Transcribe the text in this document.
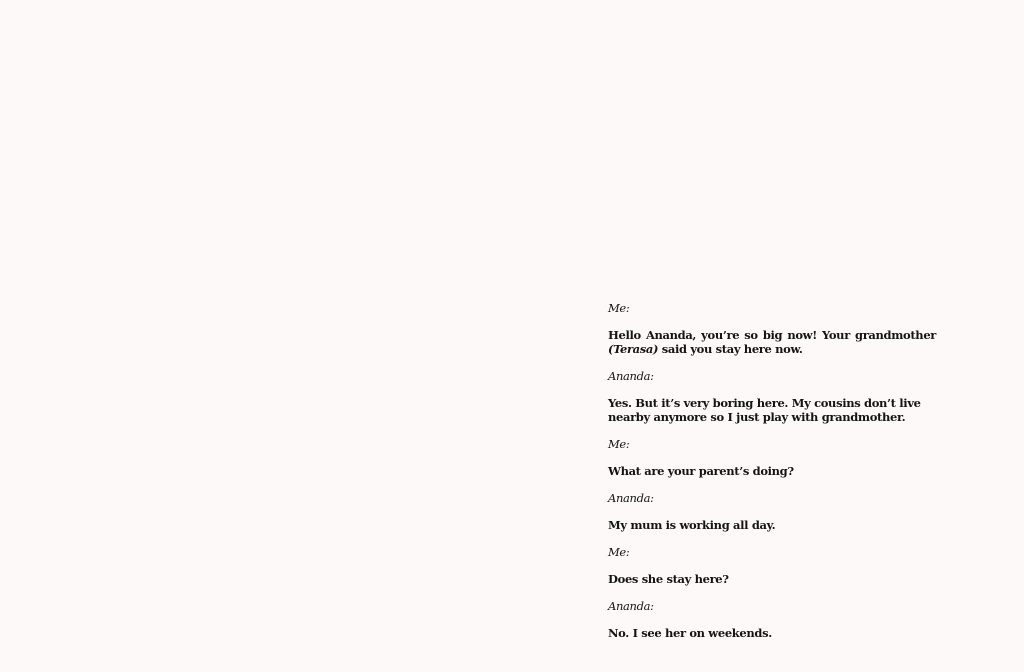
Me:

Hello Ananda, you’re so big now! Your grandmother (Terasa) said you stay here now.

Ananda:

Yes. But it’s very boring here. My cousins don’t live nearby anymore so I just play with grandmother.

Me:

What are your parent’s doing?

Ananda:

My mum is working all day.

Me:

Does she stay here?

Ananda:

No. I see her on weekends.
